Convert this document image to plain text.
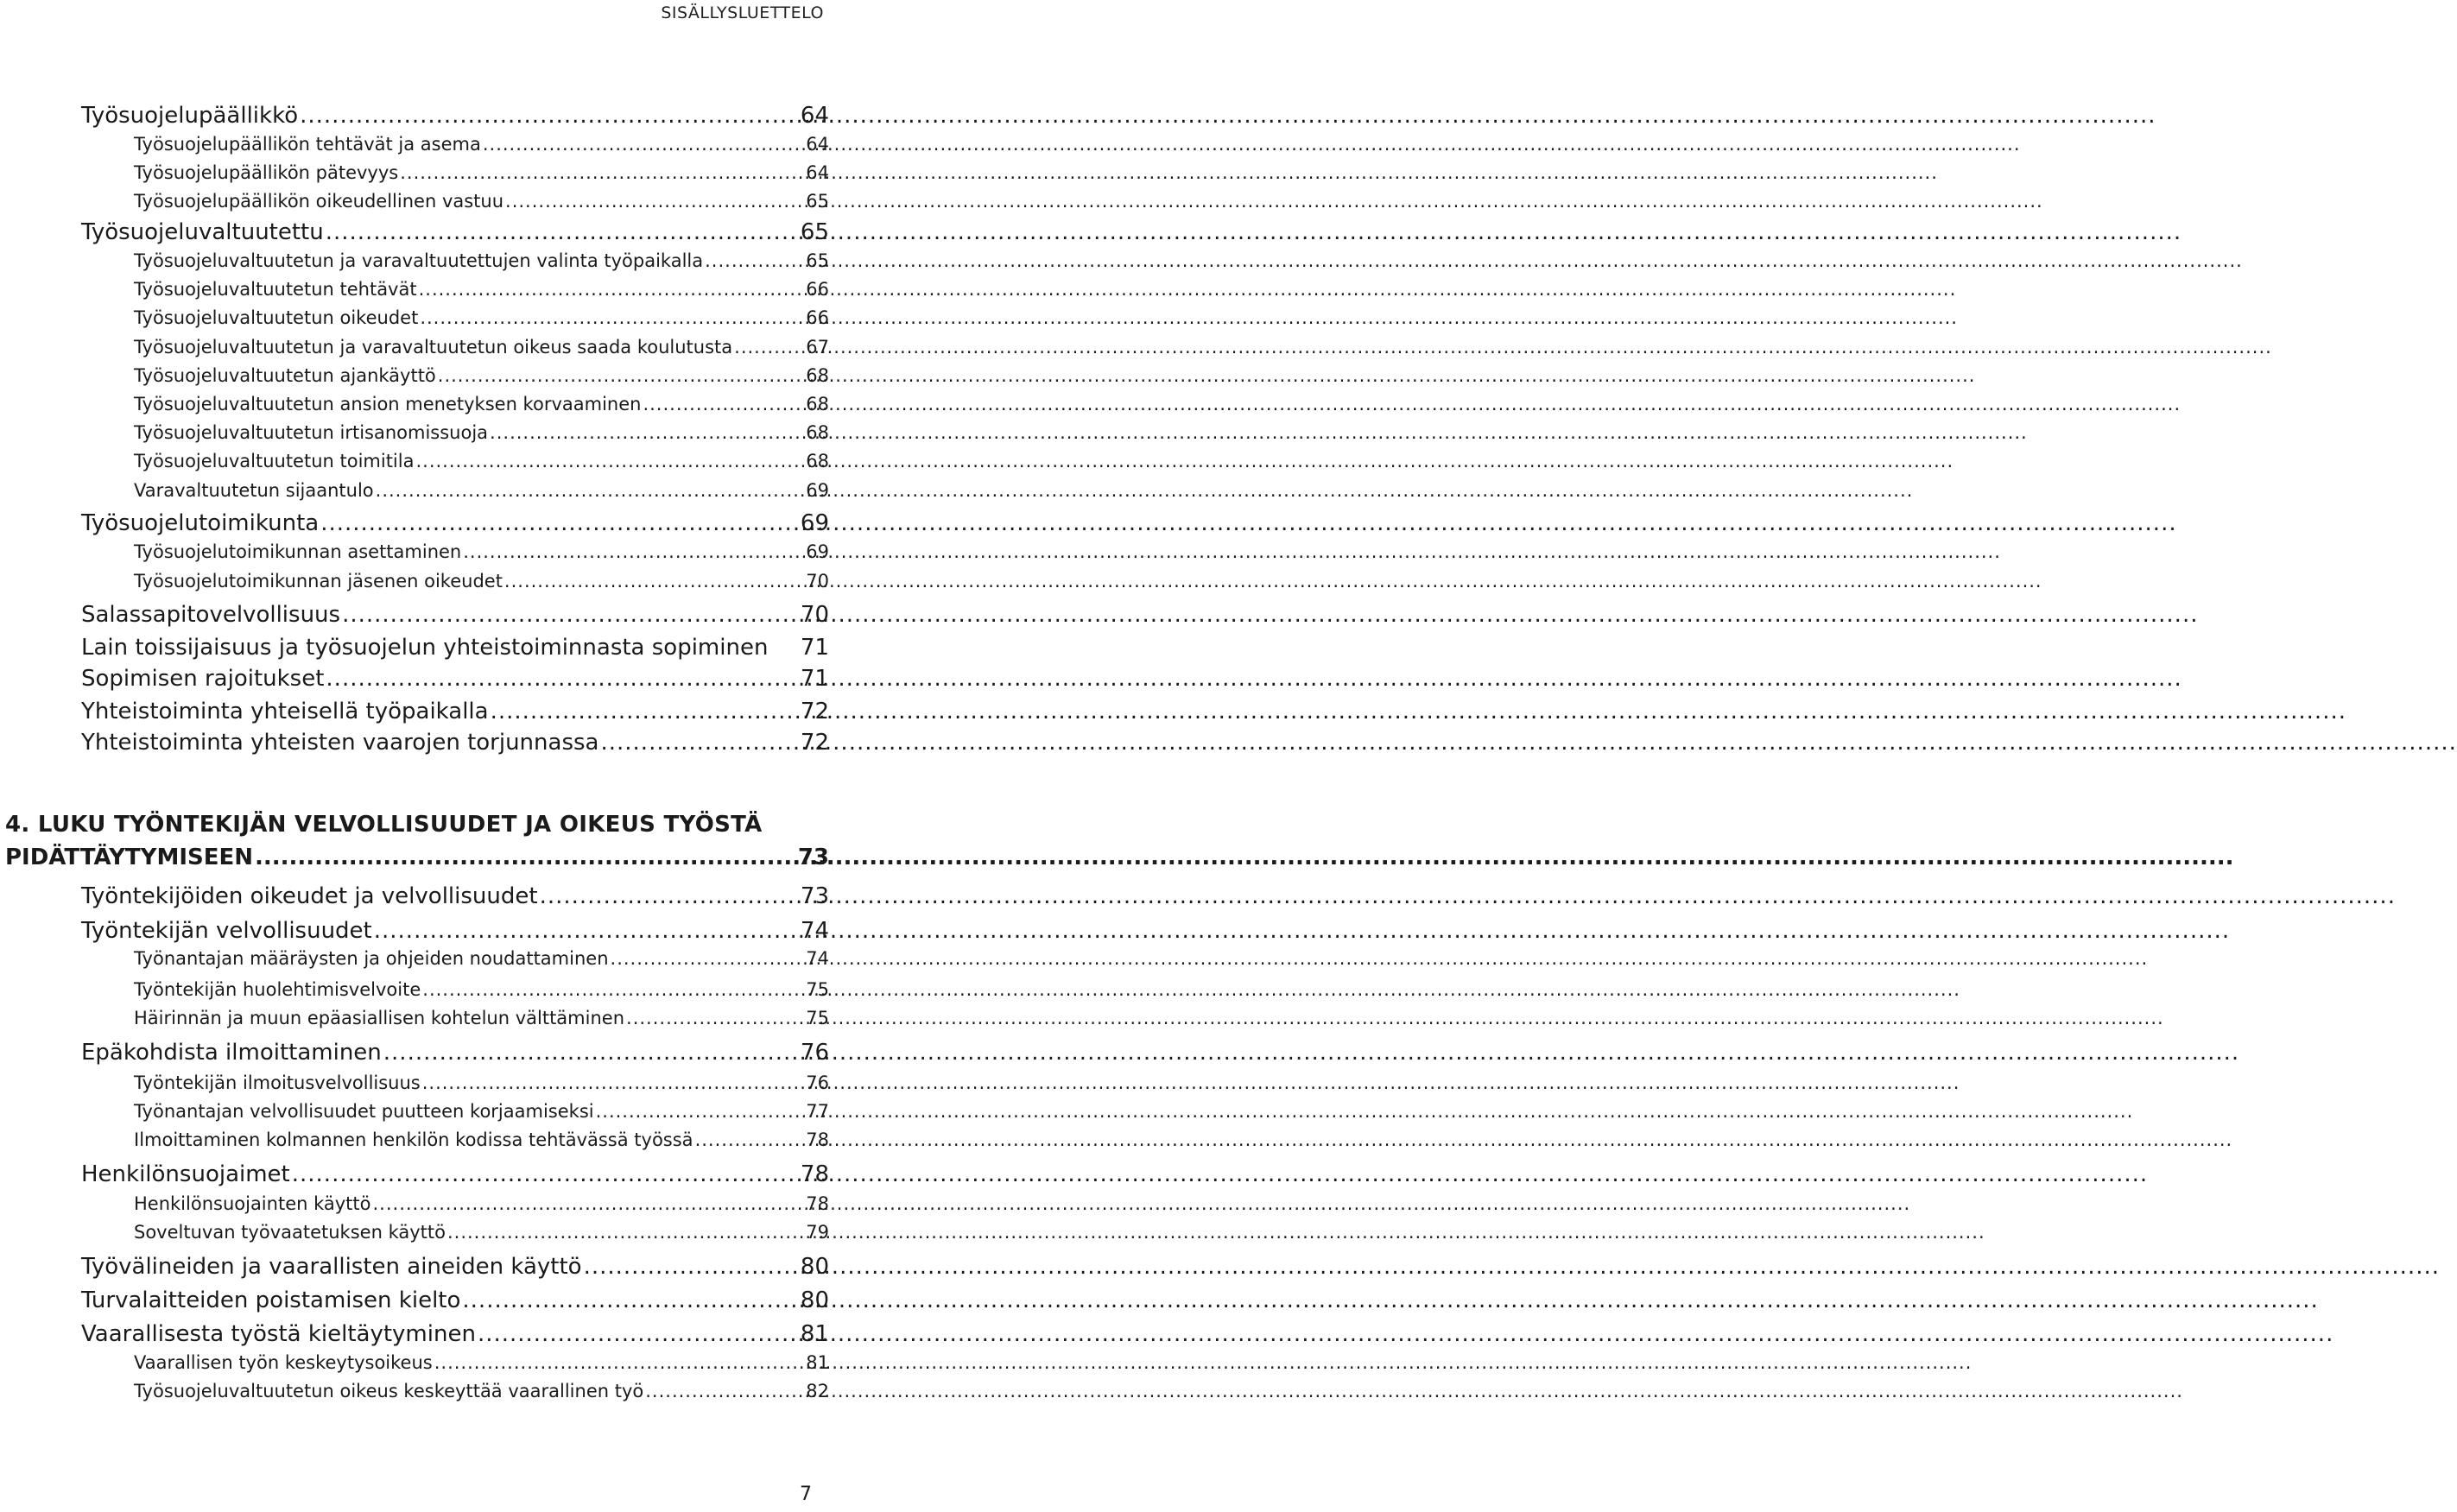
SISÄLLYSLUETTELO
Työsuojelupäällikkö .....	64
Työsuojelupäällikön tehtävät ja asema .....	64
Työsuojelupäällikön pätevyys .....	64
Työsuojelupäällikön oikeudellinen vastuu .....	65
Työsuojeluvaltuutettu .....	65
Työsuojeluvaltuutetun ja varavaltuutettujen valinta työpaikalla .....	65
Työsuojeluvaltuutetun tehtävät .....	66
Työsuojeluvaltuutetun oikeudet .....	66
Työsuojeluvaltuutetun ja varavaltuutetun oikeus saada koulutusta .....	67
Työsuojeluvaltuutetun ajankäyttö .....	68
Työsuojeluvaltuutetun ansion menetyksen korvaaminen .....	68
Työsuojeluvaltuutetun irtisanomissuoja .....	68
Työsuojeluvaltuutetun toimitila .....	68
Varavaltuutetun sijaantulo .....	69
Työsuojelutoimikunta .....	69
Työsuojelutoimikunnan asettaminen .....	69
Työsuojelutoimikunnan jäsenen oikeudet .....	70
Salassapitovelvollisuus .....	70
Lain toissijaisuus ja työsuojelun yhteistoiminnasta sopiminen ..... 71
Sopimisen rajoitukset .....	71
Yhteistoiminta yhteisellä työpaikalla .....	72
Yhteistoiminta yhteisten vaarojen torjunnassa .....	72
4. LUKU TYÖNTEKIJÄN VELVOLLISUUDET JA OIKEUS TYÖSTÄ
PIDÄTTÄYTYMISEEN .....	73
Työntekijöiden oikeudet ja velvollisuudet .....	73
Työntekijän velvollisuudet .....	74
Työnantajan määräysten ja ohjeiden noudattaminen .....	74
Työntekijän huolehtimisvelvoite .....	75
Häirinnän ja muun epäasiallisen kohtelun välttäminen .....	75
Epäkohdista ilmoittaminen .....	76
Työntekijän ilmoitusvelvollisuus .....	76
Työnantajan velvollisuudet puutteen korjaamiseksi .....	77
Ilmoittaminen kolmannen henkilön kodissa tehtävässä työssä .....	78
Henkilönsuojaimet .....	78
Henkilönsuojainten käyttö .....	78
Soveltuvan työvaatetuksen käyttö .....	79
Työvälineiden ja vaarallisten aineiden käyttö .....	80
Turvalaitteiden poistamisen kielto .....	80
Vaarallisesta työstä kieltäytyminen .....	81
Vaarallisen työn keskeytysoikeus .....	81
Työsuojeluvaltuutetun oikeus keskeyttää vaarallinen työ .....	82
7
